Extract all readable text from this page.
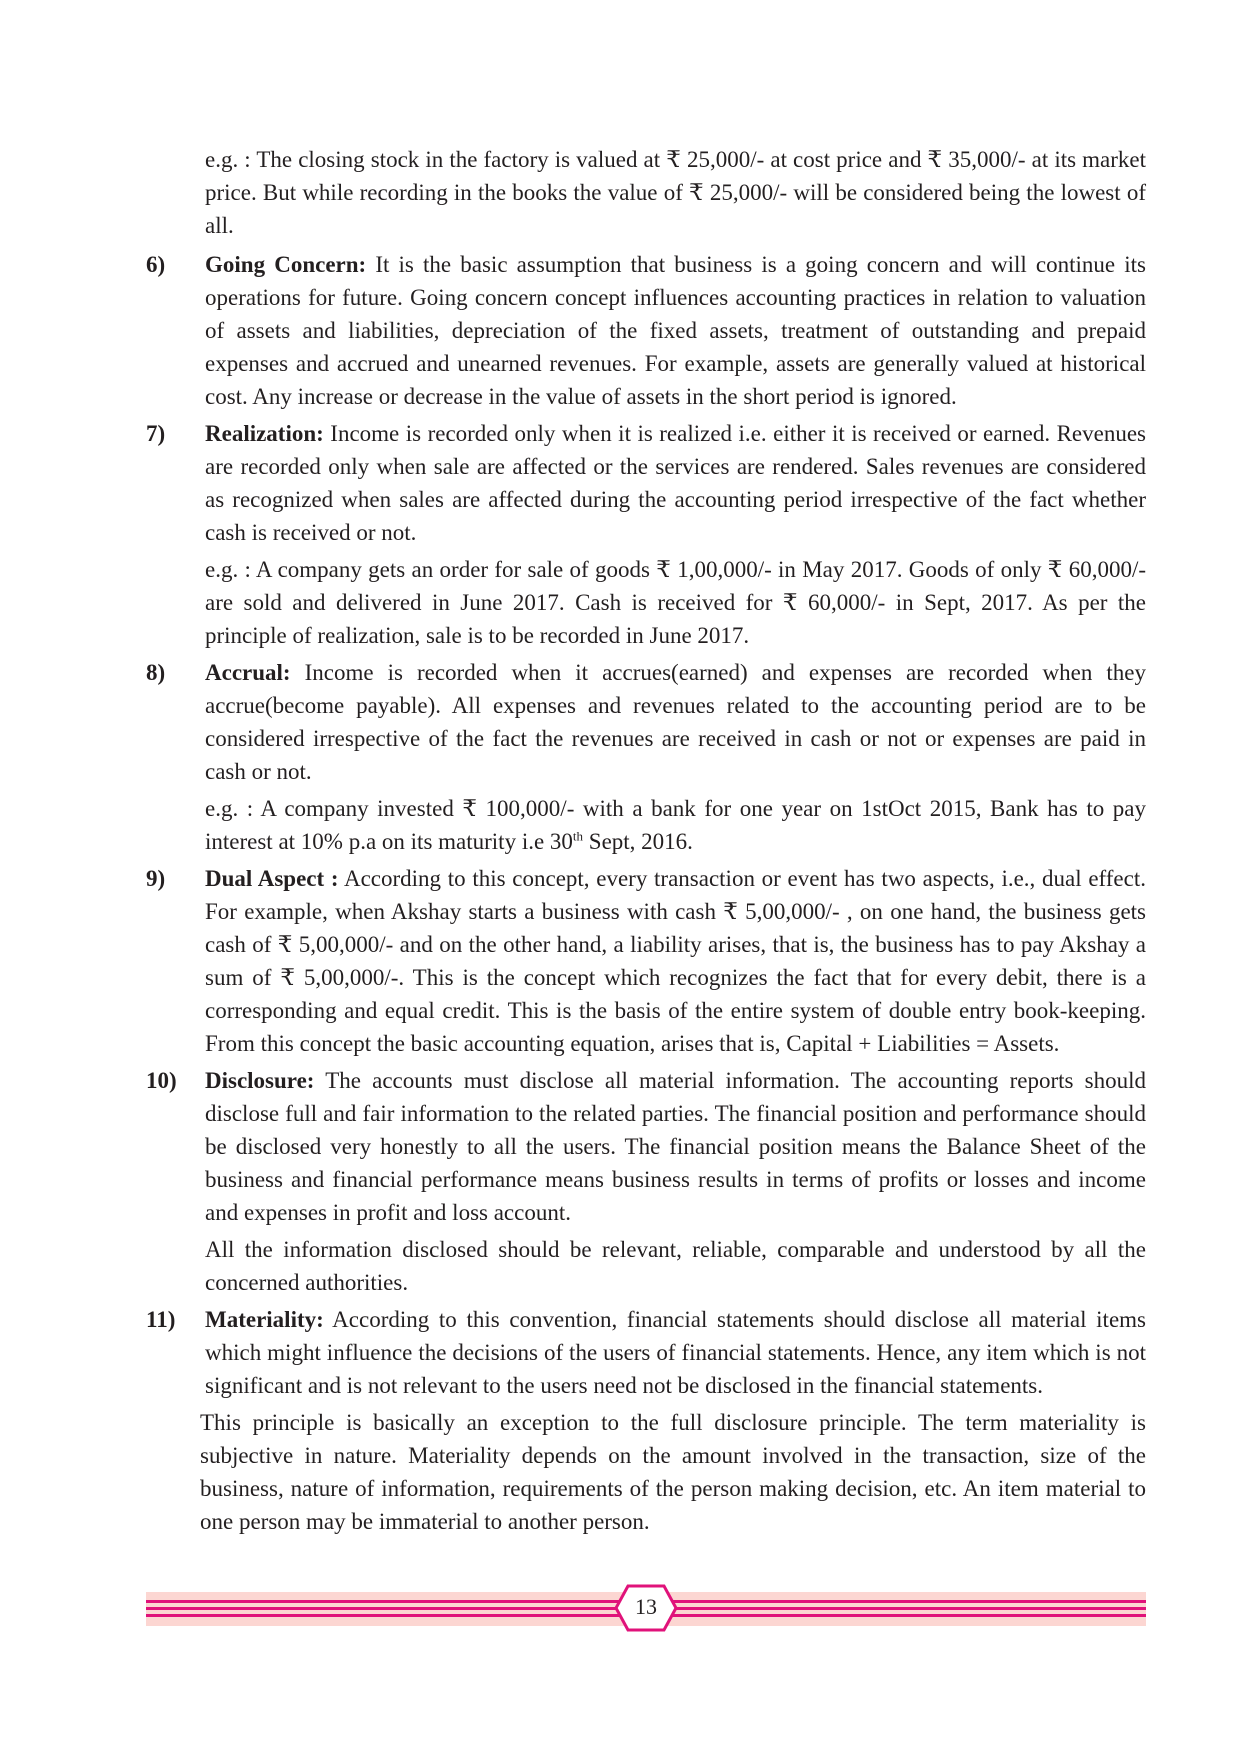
e.g. : The closing stock in the factory is valued at ₹ 25,000/- at cost price and ₹ 35,000/- at its market price. But while recording in the books the value of ₹ 25,000/- will be considered being the lowest of all.

6) Going Concern: It is the basic assumption that business is a going concern and will continue its operations for future. Going concern concept influences accounting practices in relation to valuation of assets and liabilities, depreciation of the fixed assets, treatment of outstanding and prepaid expenses and accrued and unearned revenues. For example, assets are generally valued at historical cost. Any increase or decrease in the value of assets in the short period is ignored.
7) Realization: Income is recorded only when it is realized i.e. either it is received or earned. Revenues are recorded only when sale are affected or the services are rendered. Sales revenues are considered as recognized when sales are affected during the accounting period irrespective of the fact whether cash is received or not.

e.g. : A company gets an order for sale of goods ₹ 1,00,000/- in May 2017. Goods of only ₹ 60,000/- are sold and delivered in June 2017. Cash is received for ₹ 60,000/- in Sept, 2017. As per the principle of realization, sale is to be recorded in June 2017.

8) Accrual: Income is recorded when it accrues(earned) and expenses are recorded when they accrue(become payable). All expenses and revenues related to the accounting period are to be considered irrespective of the fact the revenues are received in cash or not or expenses are paid in cash or not.

e.g. : A company invested ₹ 100,000/- with a bank for one year on 1stOct 2015, Bank has to pay interest at 10% p.a on its maturity i.e 30th Sept, 2016.

9) Dual Aspect : According to this concept, every transaction or event has two aspects, i.e., dual effect. For example, when Akshay starts a business with cash ₹ 5,00,000/- , on one hand, the business gets cash of ₹ 5,00,000/- and on the other hand, a liability arises, that is, the business has to pay Akshay a sum of ₹ 5,00,000/-. This is the concept which recognizes the fact that for every debit, there is a corresponding and equal credit. This is the basis of the entire system of double entry book-keeping. From this concept the basic accounting equation, arises that is, Capital + Liabilities = Assets.
10) Disclosure: The accounts must disclose all material information. The accounting reports should disclose full and fair information to the related parties. The financial position and performance should be disclosed very honestly to all the users. The financial position means the Balance Sheet of the business and financial performance means business results in terms of profits or losses and income and expenses in profit and loss account.

All the information disclosed should be relevant, reliable, comparable and understood by all the concerned authorities.

11) Materiality: According to this convention, financial statements should disclose all material items which might influence the decisions of the users of financial statements. Hence, any item which is not significant and is not relevant to the users need not be disclosed in the financial statements.

This principle is basically an exception to the full disclosure principle. The term materiality is subjective in nature. Materiality depends on the amount involved in the transaction, size of the business, nature of information, requirements of the person making decision, etc. An item material to one person may be immaterial to another person.

13
